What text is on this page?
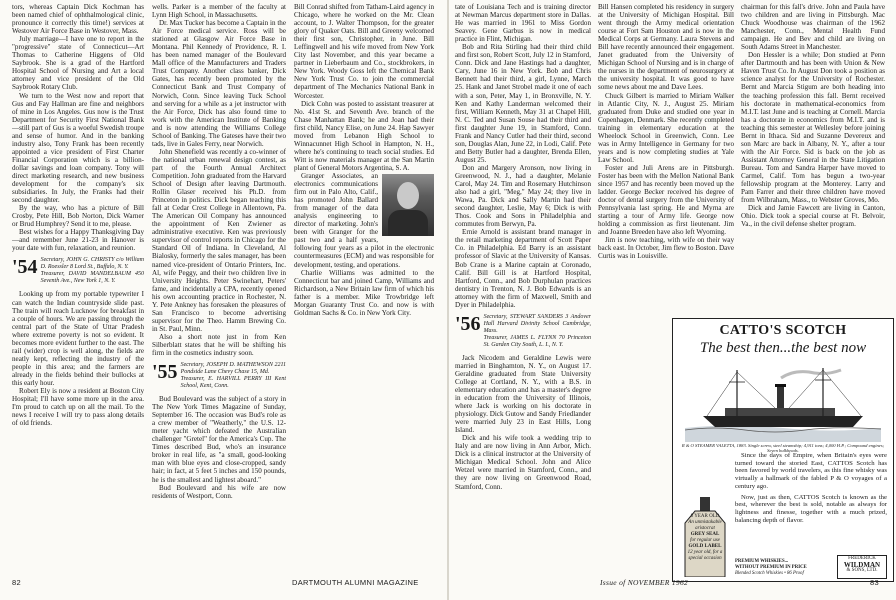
tors, whereas Captain Dick Kochman has been named chief of ophthalmological clinic, pronounce it correctly this time!) services at Westover Air Force Base in Westover, Mass.

July marriage—I have one to report in the "progressive" state of Connecticut—Art Thomas to Catherine Higgens of Old Saybrook. She is a grad of the Hartford Hospital School of Nursing and Art a local attorney and vice president of the Old Saybrook Rotary Club.

We turn to the West now and report that Gus and Fay Hallman are fine and neighbors of mine in Los Angeles. Gus now is the Trust Department for Security First National Bank—still part of Gus is a woeful Swedish troupe and sense of humor. And in the banking industry also, Tony Frank has been recently appointed a vice president of First Charter Financial Corporation which is a billion-dollar savings and loan company. Tony will direct marketing research, and new business development for the company's six subsidiaries. In July, the Franks had their second daughter.

By the way, who has a picture of Bill Crosby, Pete Hill, Bob Norton, Dick Warner or Brud Humphrey? Send it to me, please.

Best wishes for a Happy Thanksgiving Day—and remember June 21-23 in Hanover is your date with fun, relaxation, and reunion.

'54 Secretary, JOHN G. CHRISTY c/o William D. Roessler 8 Lord St., Buffalo, N. Y.
Treasurer, DAVID MANDELBAUM 450 Seventh Ave., New York 1, N. Y.

Looking up from my portable typewriter I can watch the Indian countryside slide past. The train will reach Lucknow for breakfast in a couple of hours. We are passing through the central part of the State of Uttar Pradesh where extreme poverty is not so evident. It becomes more evident further to the east. The rail (wider) crop is well along, the fields are neatly kept, reflecting the industry of the people in this area; and the farmers are already in the fields behind their bullocks at this early hour.

Robert Ely is now a resident at Boston City Hospital; I'll have some more up in the area. I'm proud to catch up on all the mail. To the news I receive I will try to pass along details of old friends.

wells. Parker is a member of the faculty at Lynn High School, in Massachusetts.

Dr. Max Tucker has become a Captain in the Air Force medical service. Ross will be stationed at Glasgow Air Force Base in Montana. Phil Kennedy of Providence, R. I. has been named manager of the Boulevard Mall office of the Manufacturers and Traders Trust Company. Another class banker, Dick Gates, has recently been promoted by the Connecticut Bank and Trust Company of Norwich, Conn. Since leaving Tuck School and serving for a while as a jet instructor with the Air Force, Dick has also found time to work with the American Institute of Banking and is now attending the Williams College School of Banking. The Gateses have their two tads, live in Gales Ferry, near Norwich.

John Shenefield was recently a co-winner of the national urban renewal design contest, as part of the Fourth Annual Architect Competition. John graduated from the Harvard School of Design after leaving Dartmouth. Rollin Glaser received his Ph.D. from Princeton in politics. Dick began teaching this fall at Cedar Crest College in Allentown, Pa. The American Oil Company has announced the appointment of Ken Zwiener as administrative executive. Ken was previously supervisor of control reports in Chicago for the Standard Oil of Indiana. In Cleveland, Al Bialosky, formerly the sales manager, has been named vice-president of Ontario Printers, Inc. Al, wife Peggy, and their two children live in University Heights. Peter Swinehart, Peters' fame, and incidentally a CPA, recently opened his own accounting practice in Rochester, N. Y. Pete Ankney has foresaken the pleasures of San Francisco to become advertising supervisor for the Theo. Hamm Brewing Co. in St. Paul, Minn.

Also a short note just in from Ken Silberblatt states that he will be shifting his firm in the cosmetics industry soon.

'55 Secretary, JOSEPH D. MATHEWSON 2211 Pondside Lane Chevy Chase 15, Md.
Treasurer, E. HARVILL PERRY III Kent School, Kent, Conn.

Bud Boulevard was the subject of a story in The New York Times Magazine of Sunday, September 16. The occasion was Bud's role as a crew member of "Weatherly," the U.S. 12-meter yacht which defeated the Australian challenger "Gretel" for the America's Cup. The Times described Bud, who's an insurance broker in real life, as "a small, good-looking man with blue eyes and close-cropped, sandy hair; in fact, at 5 feet 5 inches and 150 pounds, he is the smallest and lightest aboard."

Bud Boulevard and his wife are now residents of Westport, Conn.

Bill Conrad shifted from Tatham-Laird agency in Chicago, where he worked on the Mr. Clean account, to J. Walter Thompson, for the greater glory of Quaker Oats. Bill and Greeny welcomed their first son, Christopher, in June. Bill Leffingwell and his wife moved from New York City last November, and this year became a partner in Lieberbaum and Co., stockbrokers, in New York. Woody Goss left the Chemical Bank New York Trust Co. to join the commercial department of The Mechanics National Bank in Worcester.

Dick Cohn was posted to assistant treasurer at No. 41st St. and Seventh Ave. branch of the Chase Manhattan Bank; he and Joan had their first child, Nancy Elise, on June 24. Hap Sawyer moved from Lebanon High School to Winnacunnet High School in Hampton, N. H., where he's continuing to teach social studies. Ed Witt is now materials manager at the San Martin plant of General Motors Argentina, S. A.

Granger Associates, an electronics communications firm out in Palo Alto, Calif., has promoted John Ballard from manager of the data analysis engineering to director of marketing. John's been with Granger for the past two and a half years, following four years as a pilot in the electronic countermeasures (ECM) and was responsible for development, testing, and operations.

Charlie Williams was admitted to the Connecticut bar and joined Camp, Williams and Richardson, a New Britain law firm of which his father is a member. Mike Trowbridge left Morgan Guaranty Trust Co. and now is with Goldman Sachs & Co. in New York City.

82	DARTMOUTH ALUMNI MAGAZINE

tate of Louisiana Tech and is training director at Newman Marcus department store in Dallas. He was married in 1961 to Miss Gordon Seavey. Gene Garbus is now in medical practice in Flint, Michigan.

Bob and Rita Stirling had their third child and first son, Robert Scott, July 12 in Stamford, Conn. Dick and Jane Hastings had a daughter, Cary, June 16 in New York. Bob and Chris Bennett had their third, a girl, Lynne, March 25. Hank and Janet Strobel made it one of each with a son, Peter, May 1, in Bronxville, N. Y. Ken and Kathy Landerman welcomed their first, William Kenneth, May 31 at Chapel Hill, N. C. Ted and Susan Souse had their third and first daughter June 19, in Stamford, Conn. Frank and Nancy Cutler had their third, second son, Douglas Alan, June 22, in Lodi, Calif. Pete and Betty Butler had a daughter, Brenda Ellen, August 25.

Don and Margery Aronson, now living in Greenwood, N. J., had a daughter, Melanie Carol, May 24. Tim and Rosemary Hutchinson also had a girl, "Meg," May 24; they live in Wawa, Pa. Dick and Sally Martin had their second daughter, Leslie, May 6; Dick is with Thos. Cook and Sons in Philadelphia and commutes from Berwyn, Pa.

Ernie Arnold is assistant brand manager in the retail marketing department of Scott Paper Co. in Philadelphia. Ed Barry is an assistant professor of Slavic at the University of Kansas. Bob Crane is a Marine captain at Coronado, Calif. Bill Gill is at Hartford Hospital, Hartford, Conn., and Bob Durphulan practices dentistry in Trenton, N. J. Bob Edwards is an attorney with the firm of Maxwell, Smith and Dyer in Philadelphia.

'56 Secretary, STEWART SANDERS 3 Andover Hall Harvard Divinity School Cambridge, Mass.
Treasurer, JAMES L. FLYNN 70 Princeton St. Garden City South, L. I., N. Y.

Jack Nicodem and Geraldine Lewis were married in Binghamton, N. Y., on August 17. Geraldine graduated from State University College at Cortland, N. Y., with a B.S. in elementary education and has a master's degree in education from the University of Illinois, where Jack is working on his doctorate in physiology. Dick Gutow and Sandy Friedlander were married July 23 in East Hills, Long Island.

Dick and his wife took a wedding trip to Italy and are now living in Ann Arbor, Mich. Dick is a clinical instructor at the University of Michigan Medical School. John and Alice Wetzel were married in Stamford, Conn., and they are now living on Greenwood Road, Stamford, Conn.

Bill Hansen completed his residency in surgery at the University of Michigan Hospital. Bill went through the Army medical orientation course at Fort Sam Houston and is now in the Medical Corps at Germany. Laura Stevens and Bill have recently announced their engagement. Janet graduated from the University of Michigan School of Nursing and is in charge of the nurses in the department of neurosurgery at the university hospital. It was good to have some news about me and Dave Lees.

Chuck Gilbert is married to Miriam Walker in Atlantic City, N. J., August 25. Miriam graduated from Duke and studied one year in Copenhagen, Denmark. She recently completed training in elementary education at the Wheelock School in Greenwich, Conn. Lee was in Army Intelligence in Germany for two years and is now completing studies at Yale Law School.

Foster and Juli Arens are in Pittsburgh. Foster has been with the Mellon National Bank since 1957 and has recently been moved up the ladder. George Becker received his degree of doctor of dental surgery from the University of Pennsylvania last spring. He and Myrna are starting a tour of Army life. George now holding a commission as first lieutenant. Jim and Joanne Breeden have also left Wyoming.

Jim is now teaching, with wife on their way back east. In October, Jim flew to Boston. Dave Curtis was in Louisville.

chairman for this fall's drive. John and Paula have two children and are living in Pittsburgh. Mac Chuck Woodhouse was chairman of the 1962 Manchester, Conn., Mental Health Fund campaign. He and Bev and child are living on South Adams Street in Manchester.

Don Hessler is a while; Don studied at Penn after Dartmouth and has been with Union & New Haven Trust Co. In August Don took a position as science analyst for the University of Rochester. Bernt and Marcia Stigum are both heading into the teaching profession this fall. Bernt received his doctorate in mathematical-economics from M.I.T. last June and is teaching at Cornell. Marcia has a doctorate in economics from M.I.T. and is teaching this semester at Wellesley before joining Bernt in Ithaca. Sid and Suzanne Devereux and son Marc are back in Albany, N. Y., after a tour with the Air Force. Sid is back on the job as Assistant Attorney General in the State Litigation Bureau. Tom and Sandra Harper have moved to Carmel, Calif. Tom has begun a two-year fellowship program at the Monterey. Larry and Pam Farrer and their three children have moved from Wilbraham, Mass., to Webster Groves, Mo.

Dick and Jamie Fawcett are living in Canton, Ohio. Dick took a special course at Ft. Belvoir, Va., in the civil defense shelter program.

CATTO'S SCOTCH
The best then...the best now
R & O STEAMER VALETTA, 1883. Single screw, steel steamship; 4,911 tons; 4,000 H.P.; Compound engines; Seven bulkheads.
8 YEAR OLD
An unmistakable aristocrat
GREY SEAL
for regular use
GOLD LABEL
12 year old, for a special occasion

Since the days of Empire, when Britain's eyes were turned toward the storied East, CATTOS Scotch has been favored by world travelers, as this fine whisky was virtually a hallmark of the fabled P & O voyages of a century ago.

Now, just as then, CATTOS Scotch is known as the best, wherever the best is sold, notable as always for lightness and finesse, together with a much prized, balancing depth of flavor.

PREMIUM WHISKIES...
WITHOUT PREMIUM IN PRICE
Blended Scotch Whiskies • 86 Proof
FREDERICK
WILDMAN
& SONS, LTD.
Issue of NOVEMBER 1962	83
